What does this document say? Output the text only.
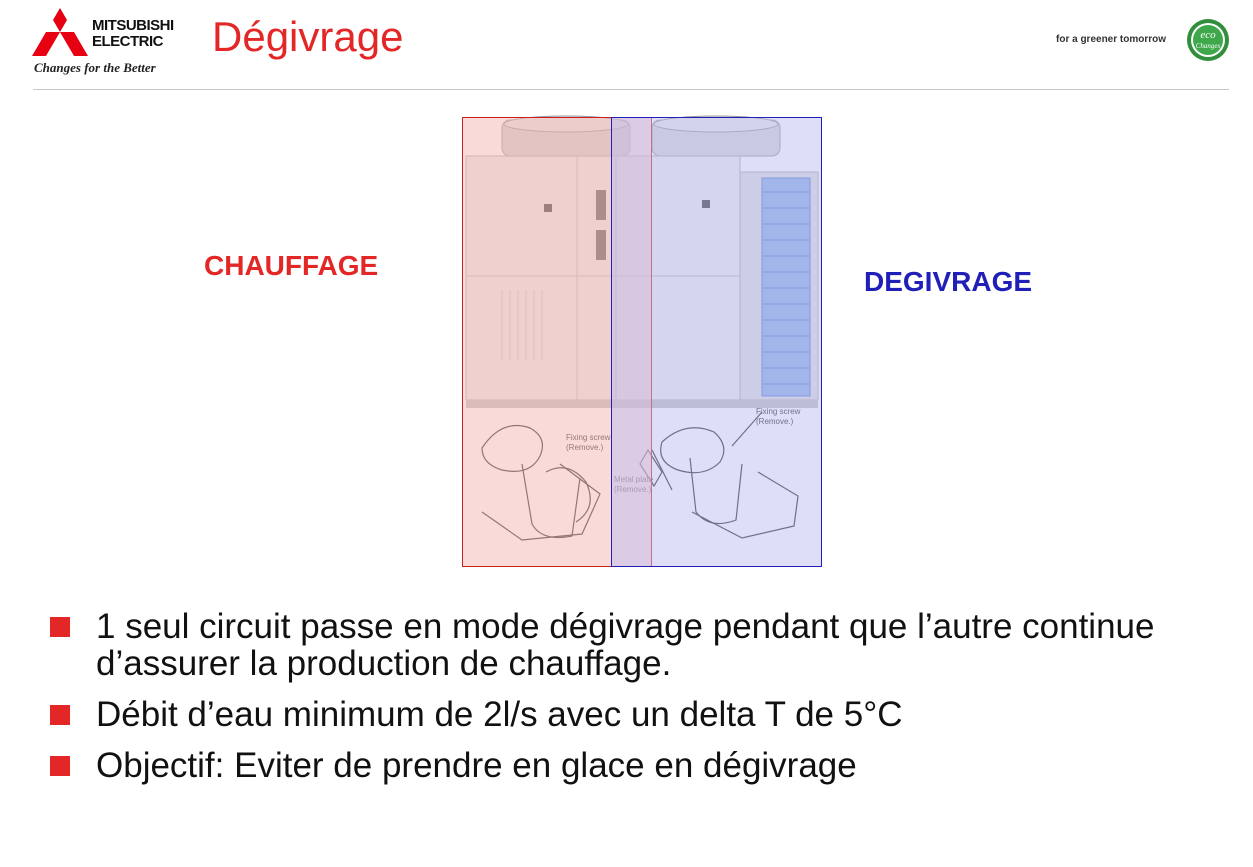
MITSUBISHI
ELECTRIC
Changes for the Better
Dégivrage	for a greener tomorrow	eco
Changes
CHAUFFAGE
DEGIVRAGE
1 seul circuit passe en mode dégivrage pendant que l’autre continue d’assurer la production de chauffage.
Débit d’eau minimum de 2l/s avec un delta T de 5°C
Objectif: Eviter de prendre en glace en dégivrage
